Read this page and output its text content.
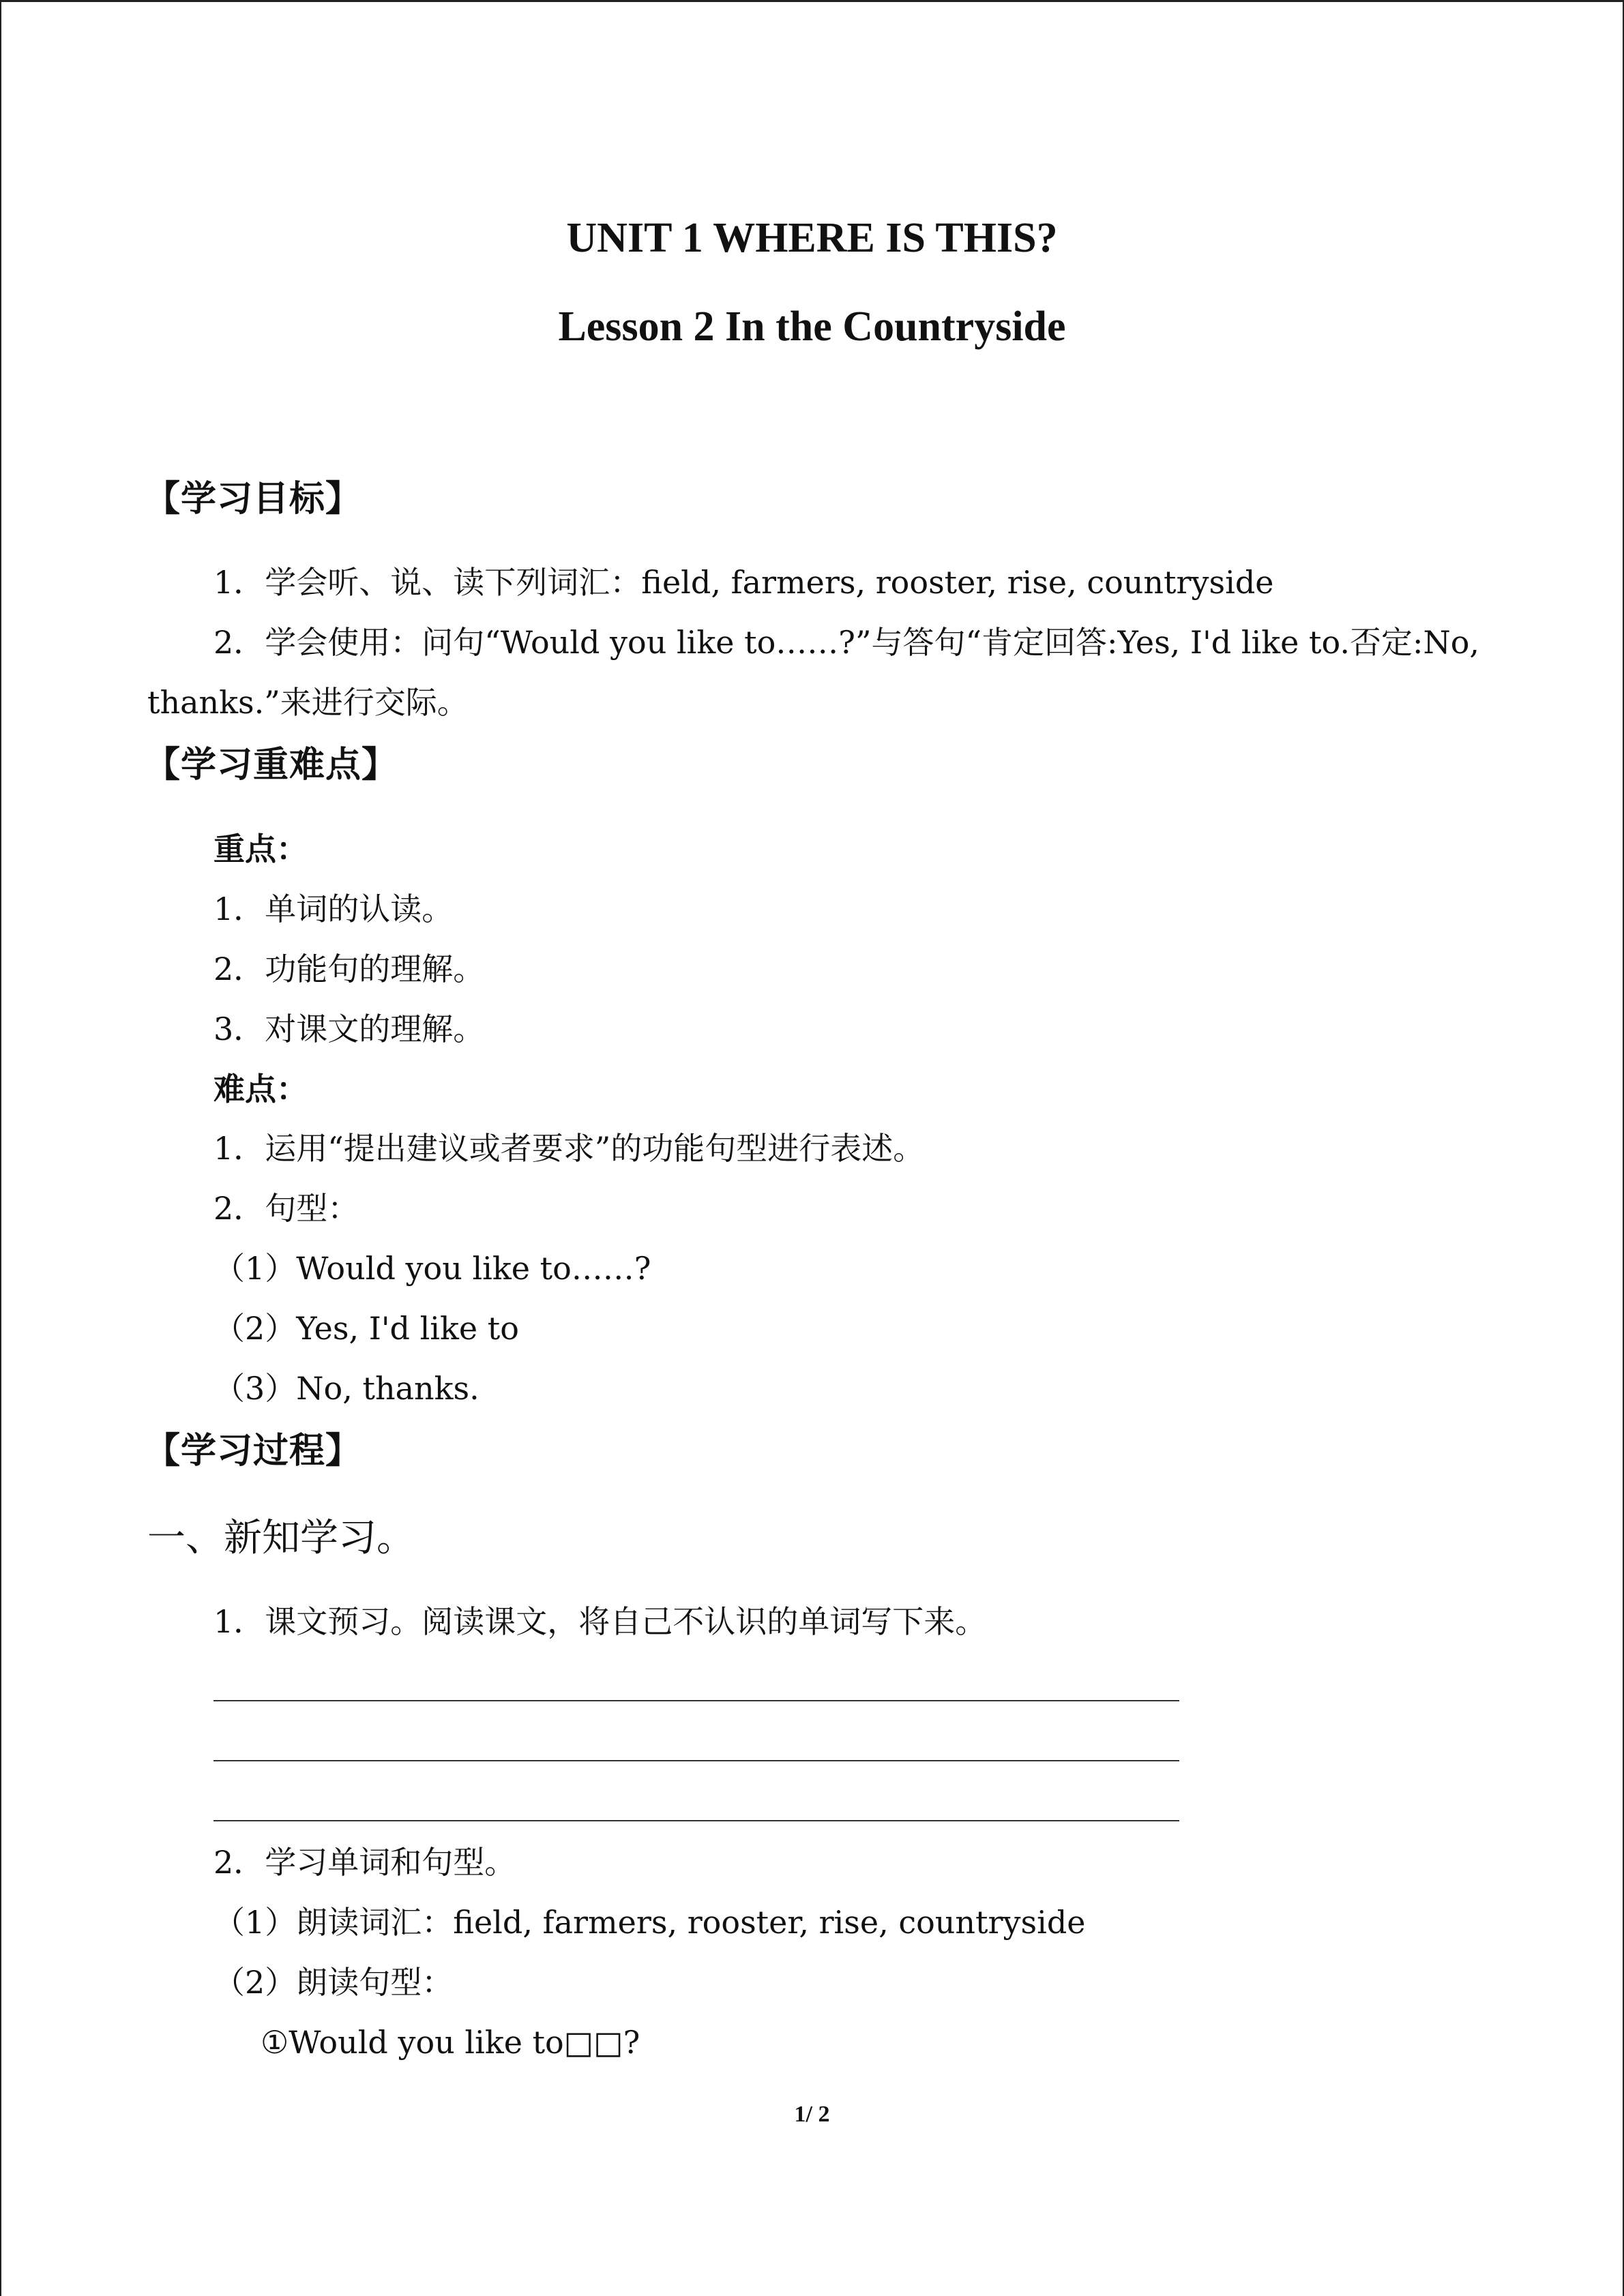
UNIT 1 WHERE IS THIS?
Lesson 2 In the Countryside
【学习目标】
1．学会听、说、读下列词汇：field, farmers, rooster, rise, countryside
2．学会使用：问句“Would you like to……?”与答句“肯定回答:Yes, I'd like to.否定:No,
thanks.”来进行交际。
【学习重难点】
重点：
1．单词的认读。
2．功能句的理解。
3．对课文的理解。
难点：
1．运用“提出建议或者要求”的功能句型进行表述。
2．句型：
（1）Would you like to……?
（2）Yes, I'd like to
（3）No, thanks.
【学习过程】
一、新知学习。
1．课文预习。阅读课文，将自己不认识的单词写下来。
2．学习单词和句型。
（1）朗读词汇：field, farmers, rooster, rise, countryside
（2）朗读句型：
①Would you like to□□?
1/ 2
